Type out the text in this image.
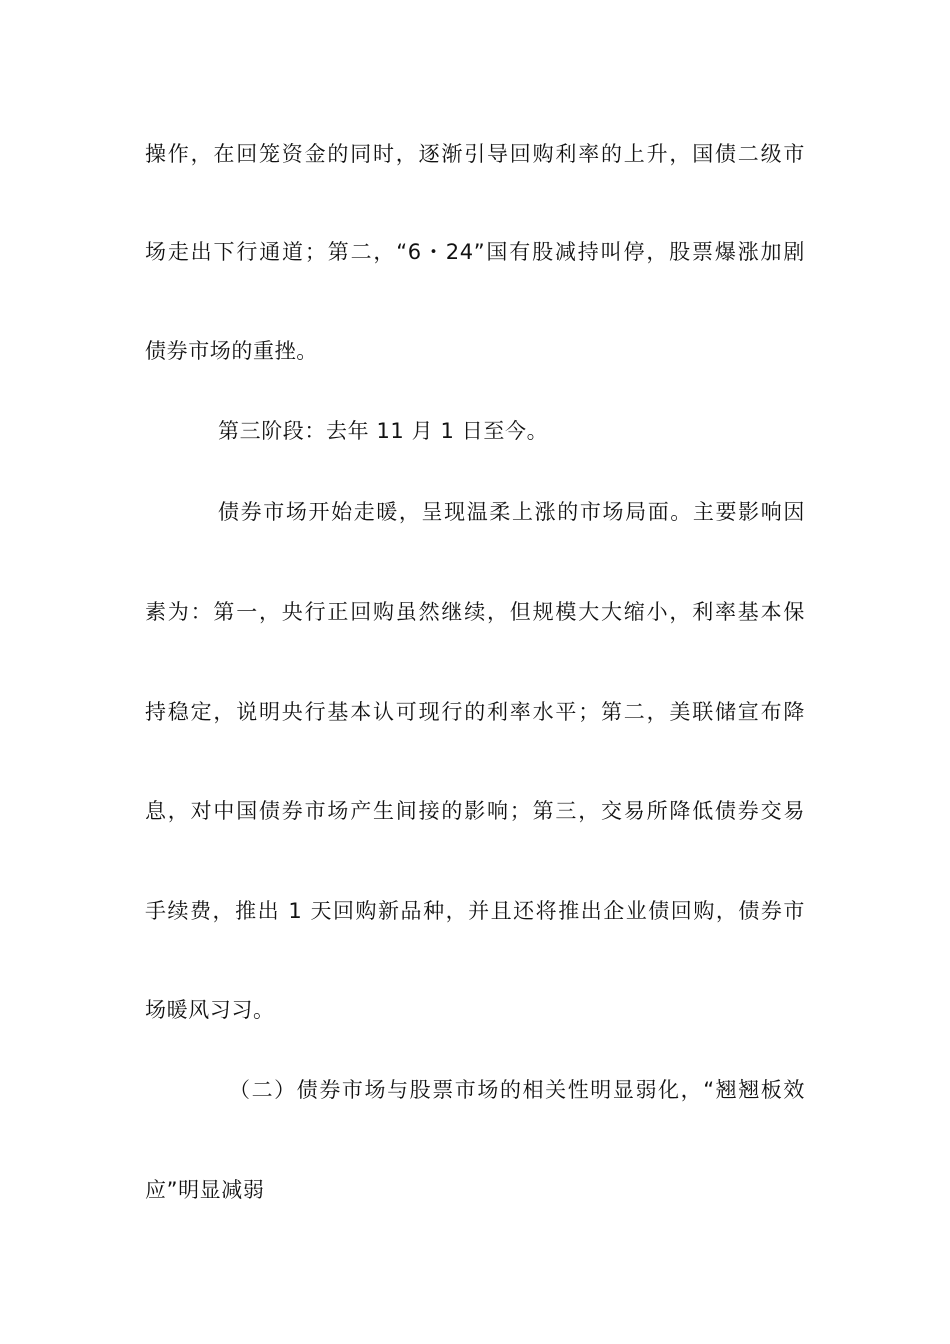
操作，在回笼资金的同时，逐渐引导回购利率的上升，国债二级市
场走出下行通道；第二，“6・24”国有股减持叫停，股票爆涨加剧
债券市场的重挫。
第三阶段：去年 11 月 1 日至今。
债券市场开始走暖，呈现温柔上涨的市场局面。主要影响因
素为：第一，央行正回购虽然继续，但规模大大缩小，利率基本保
持稳定，说明央行基本认可现行的利率水平；第二，美联储宣布降
息，对中国债券市场产生间接的影响；第三，交易所降低债券交易
手续费，推出 1 天回购新品种，并且还将推出企业债回购，债券市
场暖风习习。
（二）债券市场与股票市场的相关性明显弱化，“翘翘板效
应”明显减弱
